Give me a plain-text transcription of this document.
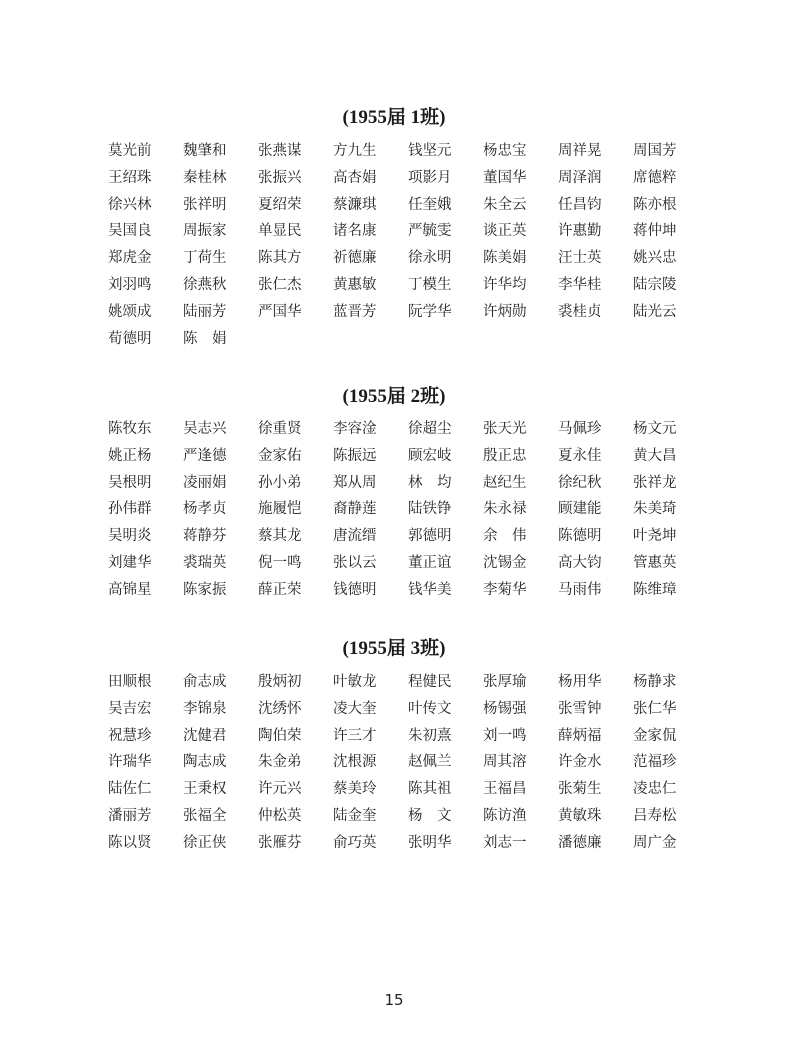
(1955届 1班)
莫光前	魏肇和	张燕谋	方九生	钱坚元	杨忠宝	周祥晃	周国芳
王绍珠	秦桂林	张振兴	高杏娟	项影月	董国华	周泽润	席德粹
徐兴林	张祥明	夏绍荣	蔡濂琪	任奎娥	朱全云	任昌钧	陈亦根
吴国良	周振家	单显民	诸名康	严毓雯	谈正英	许惠勤	蒋仲坤
郑虎金	丁荷生	陈其方	祈德廉	徐永明	陈美娟	汪士英	姚兴忠
刘羽鸣	徐燕秋	张仁杰	黄惠敏	丁模生	许华均	李华桂	陆宗陵
姚颂成	陆丽芳	严国华	蓝晋芳	阮学华	许炳勋	裘桂贞	陆光云
荀德明	陈　娟
(1955届 2班)
陈牧东	吴志兴	徐重贤	李容淦	徐超尘	张天光	马佩珍	杨文元
姚正杨	严逢德	金家佑	陈振远	顾宏岐	殷正忠	夏永佳	黄大昌
吴根明	凌丽娟	孙小弟	郑从周	林　均	赵纪生	徐纪秋	张祥龙
孙伟群	杨孝贞	施履恺	裔静莲	陆铁铮	朱永禄	顾建能	朱美琦
吴明炎	蒋静芬	蔡其龙	唐流缙	郭德明	余　伟	陈德明	叶尧坤
刘建华	裘瑞英	倪一鸣	张以云	董正谊	沈锡金	高大钧	管惠英
高锦星	陈家振	薛正荣	钱德明	钱华美	李菊华	马雨伟	陈维璋
(1955届 3班)
田顺根	俞志成	殷炳初	叶敏龙	程健民	张厚瑜	杨用华	杨静求
吴吉宏	李锦泉	沈绣怀	凌大奎	叶传文	杨锡强	张雪钟	张仁华
祝慧珍	沈健君	陶伯荣	许三才	朱初熹	刘一鸣	薛炳福	金家侃
许瑞华	陶志成	朱金弟	沈根源	赵佩兰	周其溶	许金水	范福珍
陆佐仁	王秉权	许元兴	蔡美玲	陈其祖	王福昌	张菊生	凌忠仁
潘丽芳	张福全	仲松英	陆金奎	杨　文	陈访渔	黄敏珠	吕寿松
陈以贤	徐正侠	张雁芬	俞巧英	张明华	刘志一	潘德廉	周广金
15
